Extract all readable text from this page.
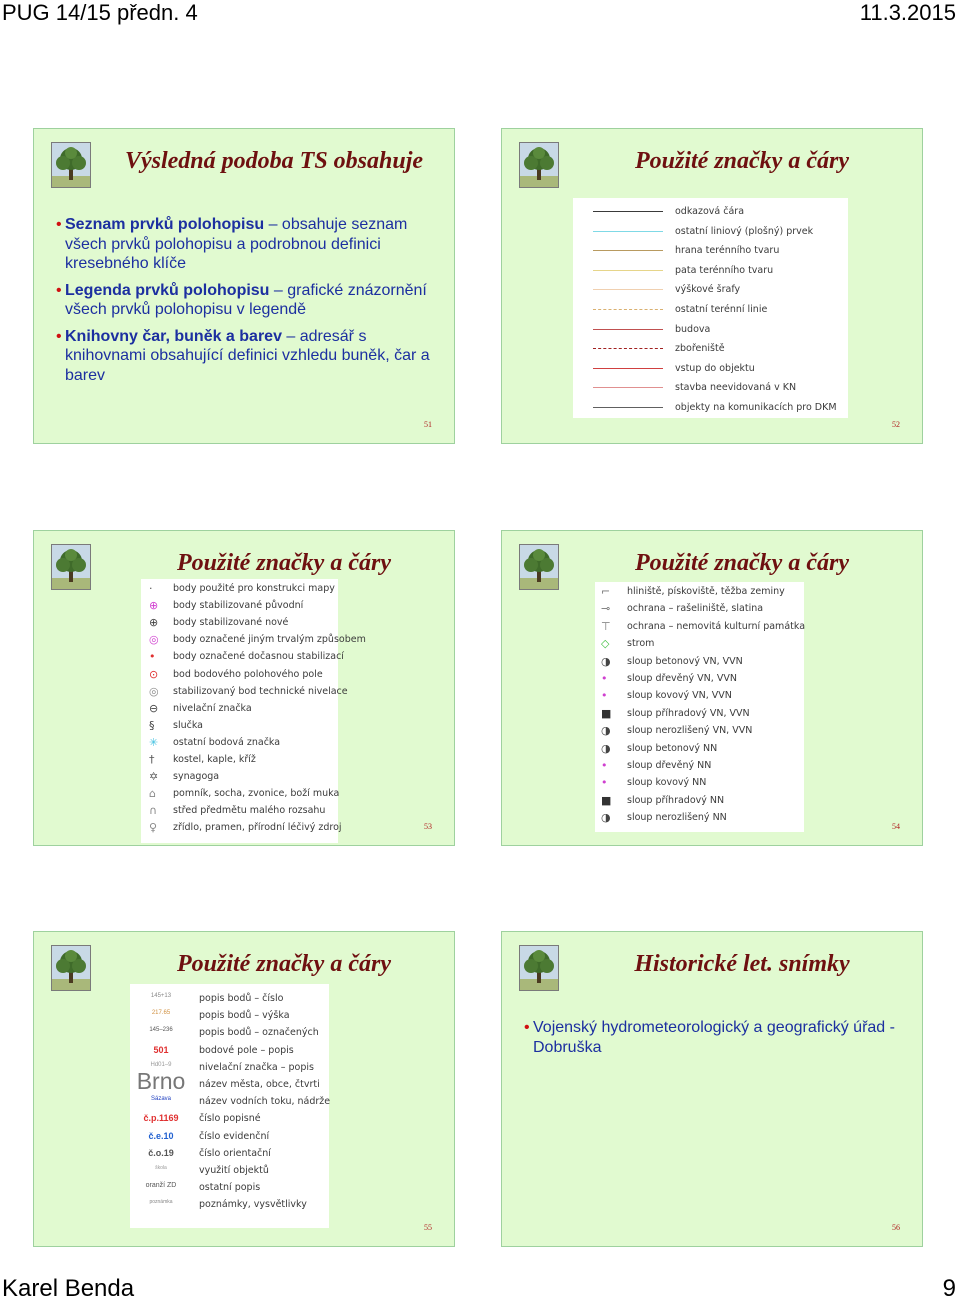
PUG 14/15 předn. 4	11.3.2015
Výsledná podoba TS obsahuje
• Seznam prvků polohopisu – obsahuje seznam všech prvků polohopisu a podrobnou definici kresebného klíče
• Legenda prvků polohopisu – grafické znázornění všech prvků polohopisu v legendě
• Knihovny čar, buněk a barev – adresář s knihovnami obsahující definici vzhledu buněk, čar a barev
51
Použité značky a čáry
odkazová čára
ostatní liniový (plošný) prvek
hrana terénního tvaru
pata terénního tvaru
výškové šrafy
ostatní terénní linie
budova
zbořeniště
vstup do objektu
stavba neevidovaná v KN
objekty na komunikacích pro DKM
52
Použité značky a čáry
· body použité pro konstrukci mapy
⊕ body stabilizované původní
⊕ body stabilizované nové
◎ body označené jiným trvalým způsobem
• body označené dočasnou stabilizací
⊙ bod bodového polohového pole
◎ stabilizovaný bod technické nivelace
⊖ nivelační značka
§ slučka
✳ ostatní bodová značka
† kostel, kaple, kříž
✡ synagoga
⌂ pomník, socha, zvonice, boží muka
∩ střed předmětu malého rozsahu
♀ zřídlo, pramen, přírodní léčivý zdroj	53
Použité značky a čáry
⌐ hliniště, pískoviště, těžba zeminy
⊸ ochrana – rašeliniště, slatina
⊤ ochrana – nemovitá kulturní památka
◇ strom
◑ sloup betonový VN, VVN
• sloup dřevěný VN, VVN
• sloup kovový VN, VVN
■ sloup příhradový VN, VVN
◑ sloup nerozlišený VN, VVN
◑ sloup betonový NN
• sloup dřevěný NN
• sloup kovový NN
■ sloup příhradový NN
◑ sloup nerozlišený NN
54
Použité značky a čáry
145+13	popis bodů – číslo
217.65	popis bodů – výška
145–236	popis bodů – označených
501	bodové pole – popis
Hd01–9	nivelační značka – popis
Brno	název města, obce, čtvrti
Sázava	název vodních toku, nádrže
č.p.1169	číslo popisné
č.e.10	číslo evidenční
č.o.19	číslo orientační
škola	využití objektů
oranží ZD	ostatní popis
poznámka	poznámky, vysvětlivky
55
Historické let. snímky
• Vojenský hydrometeorologický a geografický úřad - Dobruška
56
Karel Benda	9
